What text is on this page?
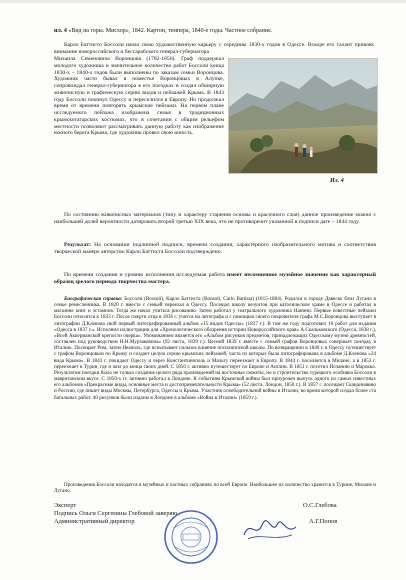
ил. 4 «Вид на горы. Мисхор», 1842. Картон, темпера, 1840-е годы. Частное собрание.

Карло Баттисто Боссоли начал свою художественную карьеру с середины 1830-х годов в Одессе. Вскоре его талант привлек внимание новороссийского и бессарабского генерал-губернатора

Михаила Семеновича Воронцова (1782-1856). Граф поддержал молодого художника и значительное количество работ Боссоли конца 1830-х – 1840-х годов были выполнены по заказам семьи Воронцова. Художник часто бывал в поместье Воронцовых в Алупке, сопровождал генерал-губернатора в его поездках и создал обширную живописную и графическую серию видов и пейзажей Крыма. В 1843 году Боссоли покинул Одессу и переселился в Европу. Но продолжал время от времени повторять крымские пейзажи. На первом плане исследуемого пейзажа изображена семья в традиционных крымскотатарских костюмах, что в сочетании с общим рельефом местности позволяют рассматривать данную работу как изображение южного берега Крыма, где художник провел свою юность.

Ил. 4

По состоянию живописных материалов (типу и характеру старения основы и красочного слоя) данное произведение можно с наибольшей долей вероятности датировать второй третью XIX века, что не противоречит указанной в подписи дате – 1844 году.

Результат: На основании подлинной подписи, времени создания, характерного изобразительного мотива и соответствия творческой манере авторство Карло Баттиста Боссоли подтверждено.

По времени создания и уровню исполнения исследуемая работа имеет несомненное музейное значение как характерный образец зрелого периода творчества мастера.

Биографическая справка: Боссоли (Bossoli), Карло Баттиста (Bonsoli, Carlo Battista) (1815-1884). Родился в городе Давеско близ Лугано в семье ремесленника. В 1820 г. вместе с семьей переехал в Одессу. Посещал школу иезуитов при католическом храме в Одессе и работал в магазине книг и эстампов. Тогда же начал учиться рисованию. Затем работал у театрального художника Нанини. Первые известные пейзажи Боссоли относятся к 1833 г. После смерти отца в 1836 г. учится на литографа и с помощью своего покровителя графа М.С.Воронцова выступает в литографии Д.Кленова свой первый литографированный альбом «15 видов Одессы» (1837 г.). В том же году подготовил 16 работ для издания «Одесса в 1837 г.». Исполнил иллюстрации для «Хронологического обозрения истории Новороссийского края» А.Скальковского (Одесса, 1838 г.), «Всей Аккерманской крепости очерка». Упоминанием является его «Альбом рисунков предметов, принадлежащих Одесскому музею древностей, составлен под руководством Н.Н.Мурзакевича» (92 листа, 1839 г.). Весной 1839 г. вместе с семьей графов Воронцовых совершает поездку в Италию. Посещает Рим, затем Неаполь, где испытывает сильное влияние посилиппской школы. По возвращении в 1840 г. в Одессу путешествует с графом Воронцовым по Крыму и создает целую серию крымских пейзажей, часть из которых была литографирована в альбоме Д.Кленова «24 вида Крыма». В 1843 г. покидает Одессу и через Константинополь и Мальту переезжает в Европу. В 1844 г. поселяется в Милане, а в 1853 г. переезжает в Турин, где и жил до конца своих дней. С 1850 г. активно путешествует по Европе и Англии. В 1851 г. посетил Испанию и Марокко. Результатом поездки было не только создание целого ряда произведений на восточные сюжеты, но и строительство турецкого особняка Боссоли в мавританском вкусе. С 1850-х гг. активно работал в Лондоне. К событиям Крымской войны был приурочен выпуск одного из самых известных его альбомов «Прекрасные виды, основные места и достопримечательности Крыма» (52 листа, Лондон, 1856 г.). В 1857 г. посещает Скандинавию и Россию, где пишет виды Москвы, Петербурга, Одессы и Крыма. Участник освободительной войны в Италии, во время которой создал более ста батальных работ. 40 рисунков были изданы в Лондоне в альбоме «Война в Италии» (1859 г.).

Произведения Боссоли находятся в музейных и частных собраниях по всей Европе. Наибольшее их количество хранится в Турине, Милане и Лугано.

Эксперт
Подпись Ольги Сергеевны Глебовой заверяю
Административный директор
О.С.Глебова
А.Г.Попов
